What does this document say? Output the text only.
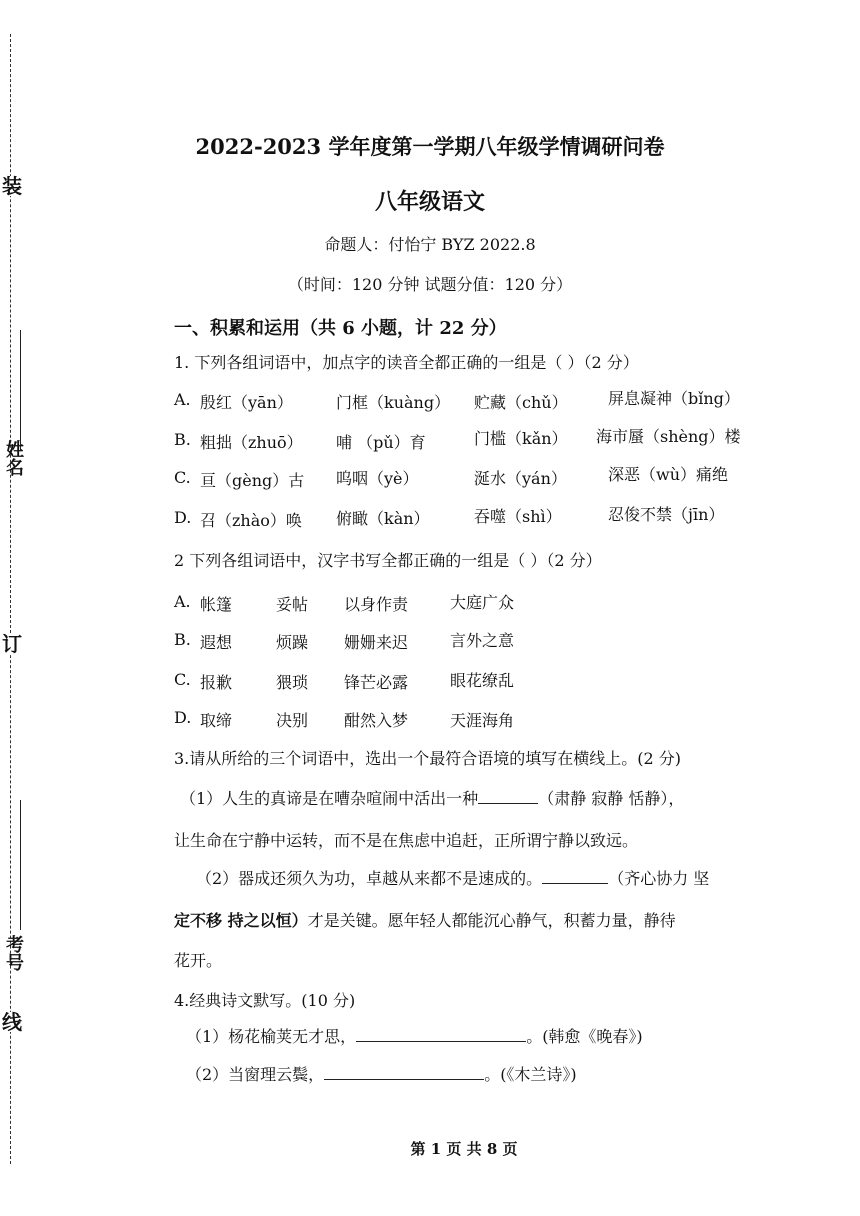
装
订
线
姓名
考号
2022-2023 学年度第一学期八年级学情调研问卷
八年级语文
命题人：付怡宁 BYZ 2022.8
（时间：120 分钟 试题分值：120 分）
一、积累和运用（共 6 小题，计 22 分）
1. 下列各组词语中，加点字的读音全都正确的一组是（ ）（2 分）
A. 殷红（yān）	门框（kuàng） 贮藏（chǔ）	屏息凝神（bǐng）
B. 粗拙（zhuō） 哺 （pǔ）育	门槛（kǎn） 海市蜃（shèng）楼
C. 亘（gèng）古 呜咽（yè）	涎水（yán）	深恶（wù）痛绝
D. 召（zhào）唤 俯瞰（kàn）	吞噬（shì）	忍俊不禁（jīn）
2 下列各组词语中，汉字书写全都正确的一组是（ ）（2 分）
A. 帐篷	妥帖 以身作责	大庭广众
B. 遐想	烦躁 姗姗来迟	言外之意
C. 报歉	猥琐 锋芒必露	眼花缭乱
D. 取缔	决别 酣然入梦	天涯海角
3.请从所给的三个词语中，选出一个最符合语境的填写在横线上。(2 分)
（1）人生的真谛是在嘈杂喧闹中活出一种	（肃静 寂静 恬静），
让生命在宁静中运转，而不是在焦虑中追赶，正所谓宁静以致远。
（2）器成还须久为功，卓越从来都不是速成的。	（齐心协力 坚
定不移 持之以恒）才是关键。愿年轻人都能沉心静气，积蓄力量，静待
花开。
4.经典诗文默写。(10 分)
（1）杨花榆荚无才思，	。(韩愈《晚春》)
（2）当窗理云鬓，	。(《木兰诗》)
第 1 页 共 8 页
